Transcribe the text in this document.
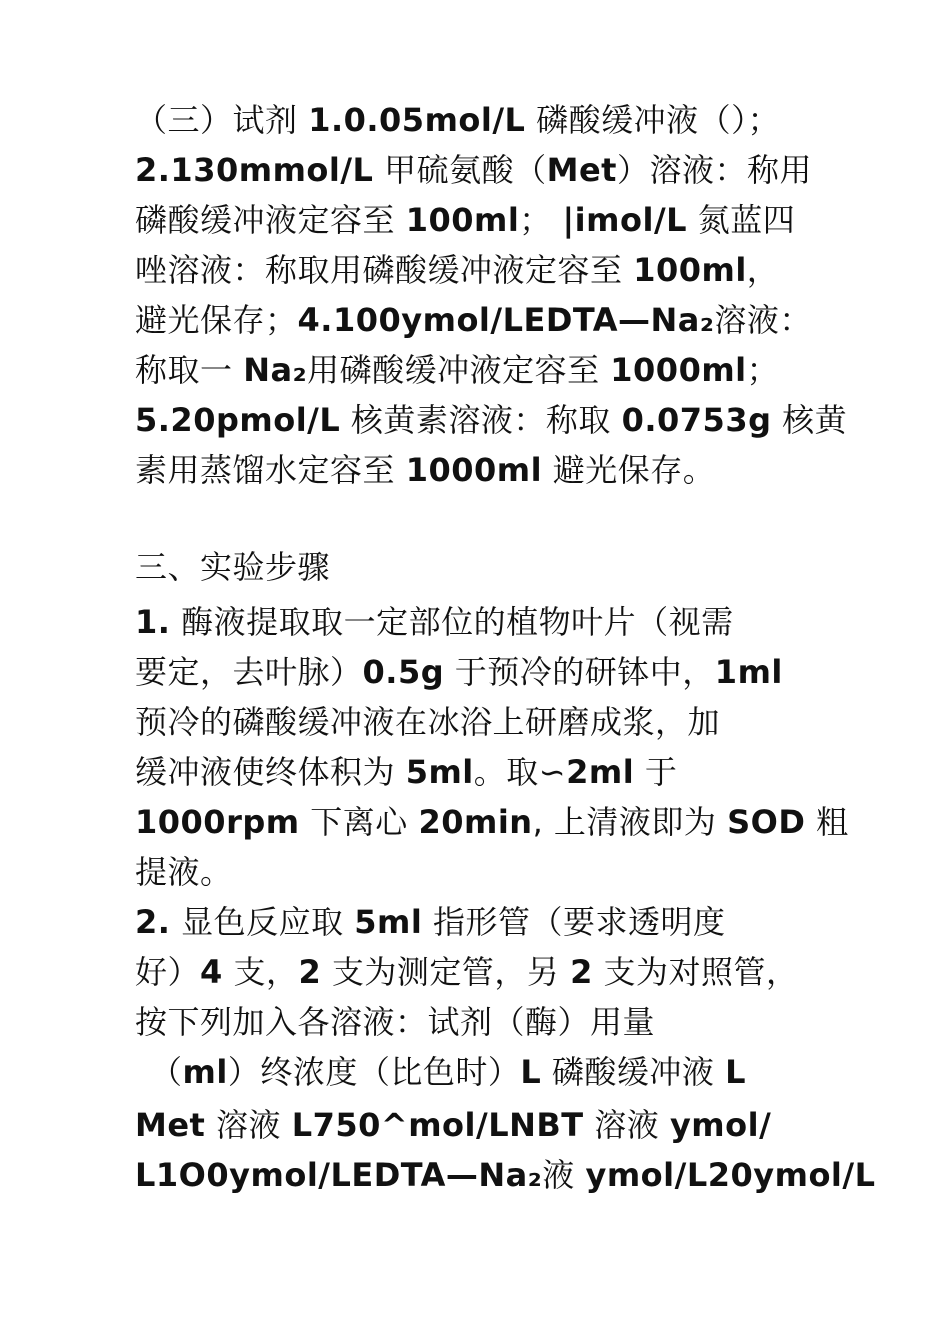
（三）试剂 1.0.05mol/L 磷酸缓冲液（）；
2.130mmol/L 甲硫氨酸（Met）溶液：称用
磷酸缓冲液定容至 100ml； |imol/L 氮蓝四
唑溶液：称取用磷酸缓冲液定容至 100ml，
避光保存；4.100ymol/LEDTA—Na₂溶液：
称取一 Na₂用磷酸缓冲液定容至 1000ml；
5.20pmol/L 核黄素溶液：称取 0.0753g 核黄
素用蒸馏水定容至 1000ml 避光保存。
三、实验步骤
1. 酶液提取取一定部位的植物叶片（视需
要定，去叶脉）0.5g 于预冷的研钵中，1ml
预冷的磷酸缓冲液在冰浴上研磨成浆，加
缓冲液使终体积为 5ml。取∽2ml 于
1000rpm 下离心 20min, 上清液即为 SOD 粗
提液。
2. 显色反应取 5ml 指形管（要求透明度
好）4 支，2 支为测定管，另 2 支为对照管，
按下列加入各溶液：试剂（酶）用量
（ml）终浓度（比色时）L 磷酸缓冲液 L
Met 溶液 L750^mol/LNBT 溶液 ymol/
L1O0ymol/LEDTA—Na₂液 ymol/L20ymol/L
